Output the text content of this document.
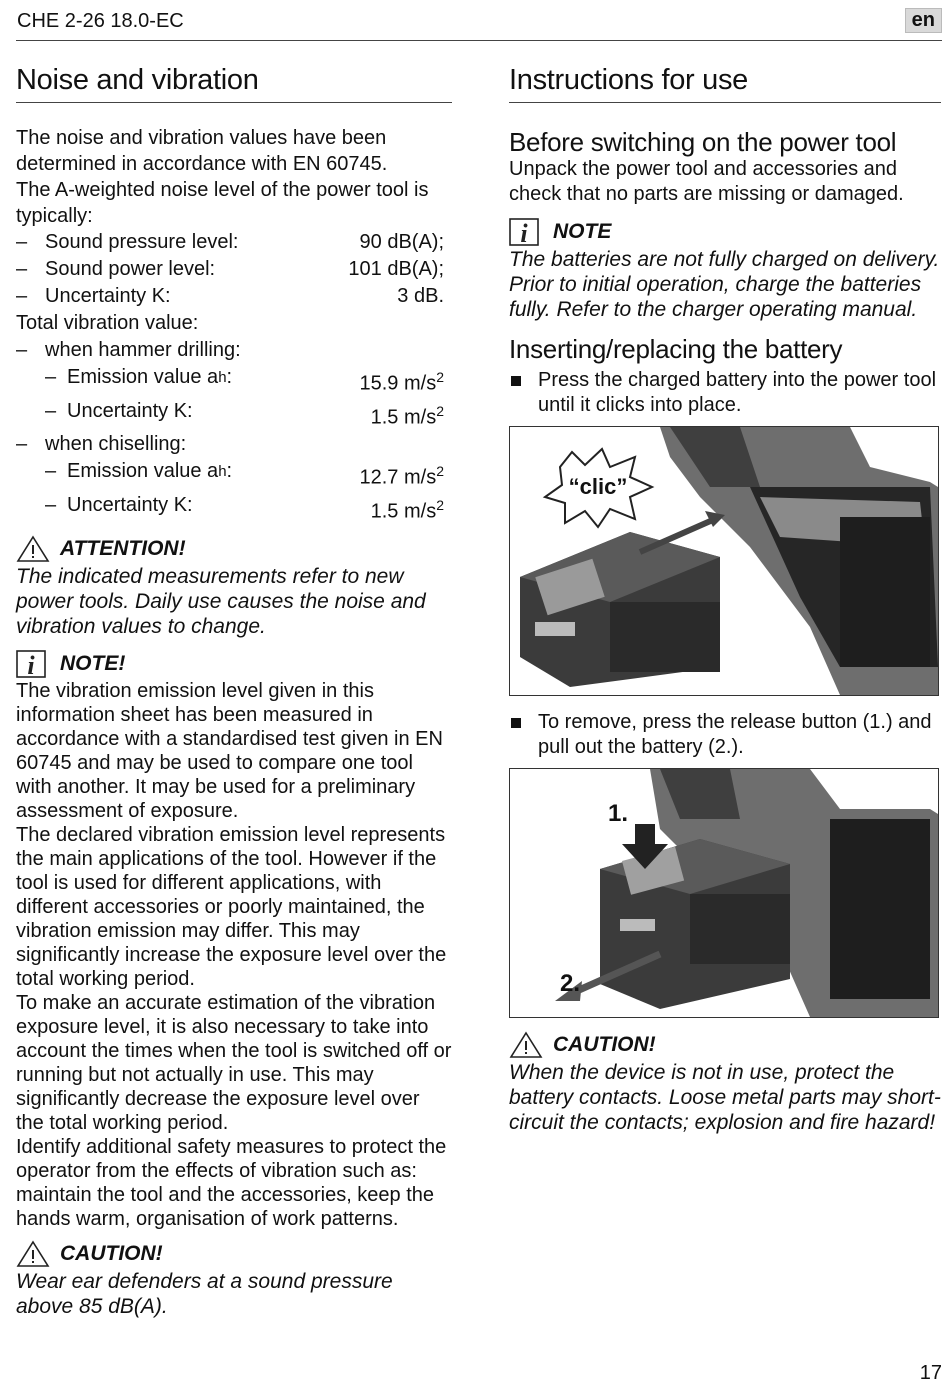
CHE 2-26 18.0-EC	en
Noise and vibration

The noise and vibration values have been determined in accordance with EN 60745.

The A-weighted noise level of the power tool is typically:

– Sound pressure level:	90 dB(A);
– Sound power level:	101 dB(A);
– Uncertainty K:	3 dB.
Total vibration value:
– when hammer drilling:
– Emission value a h :	15.9 $m/s^2$
– Uncertainty K:	1.5 $m/s^2$
– when chiselling:
– Emission value a h :	12.7 $m/s^2$
– Uncertainty K:	1.5 $m/s^2$
ATTENTION!

The indicated measurements refer to new power tools. Daily use causes the noise and vibration values to change.

i NOTE!

The vibration emission level given in this information sheet has been measured in accordance with a standardised test given in EN 60745 and may be used to compare one tool with another. It may be used for a preliminary assessment of exposure.

The declared vibration emission level represents the main applications of the tool. However if the tool is used for different applications, with different accessories or poorly maintained, the vibration emission may differ. This may significantly increase the exposure level over the total working period.

To make an accurate estimation of the vibration exposure level, it is also necessary to take into account the times when the tool is switched off or running but not actually in use. This may significantly decrease the exposure level over the total working period.

Identify additional safety measures to protect the operator from the effects of vibration such as: maintain the tool and the accessories, keep the hands warm, organisation of work patterns.

CAUTION!

Wear ear defenders at a sound pressure above 85 dB(A).

Instructions for use
Before switching on the power tool

Unpack the power tool and accessories and check that no parts are missing or damaged.

i NOTE

The batteries are not fully charged on delivery. Prior to initial operation, charge the batteries fully. Refer to the charger operating manual.

Inserting/replacing the battery
Press the charged battery into the power tool until it clicks into place.
“clic”
To remove, press the release button (1.) and pull out the battery (2.).
1.
2.
CAUTION!

When the device is not in use, protect the battery contacts. Loose metal parts may short-circuit the contacts; explosion and fire hazard!

17
